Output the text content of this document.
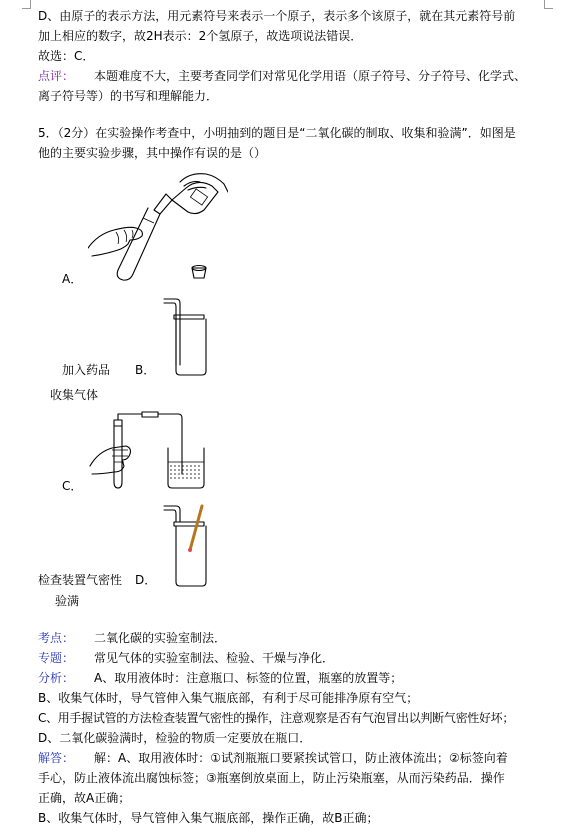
D、由原子的表示方法，用元素符号来表示一个原子，表示多个该原子，就在其元素符号前
加上相应的数字，故2H表示：2个氢原子，故选项说法错误．
故选：C．
点评： 本题难度不大，主要考查同学们对常见化学用语（原子符号、分子符号、化学式、
离子符号等）的书写和理解能力．
5．（2分）在实验操作考查中，小明抽到的题目是“二氧化碳的制取、收集和验满”．如图是
他的主要实验步骤，其中操作有误的是（）
A．
加入药品 B．
收集气体
C．
检查装置气密性 D．
验满
考点： 二氧化碳的实验室制法．
专题： 常见气体的实验室制法、检验、干燥与净化．
分析： A、取用液体时：注意瓶口、标签的位置，瓶塞的放置等；
B、收集气体时，导气管伸入集气瓶底部，有利于尽可能排净原有空气；
C、用手握试管的方法检查装置气密性的操作，注意观察是否有气泡冒出以判断气密性好坏；
D、二氧化碳验满时，检验的物质一定要放在瓶口．
解答： 解：A、取用液体时：①试剂瓶瓶口要紧挨试管口，防止液体流出；②标签向着
手心，防止液体流出腐蚀标签；③瓶塞倒放桌面上，防止污染瓶塞，从而污染药品．操作
正确，故A正确；
B、收集气体时，导气管伸入集气瓶底部，操作正确，故B正确；
